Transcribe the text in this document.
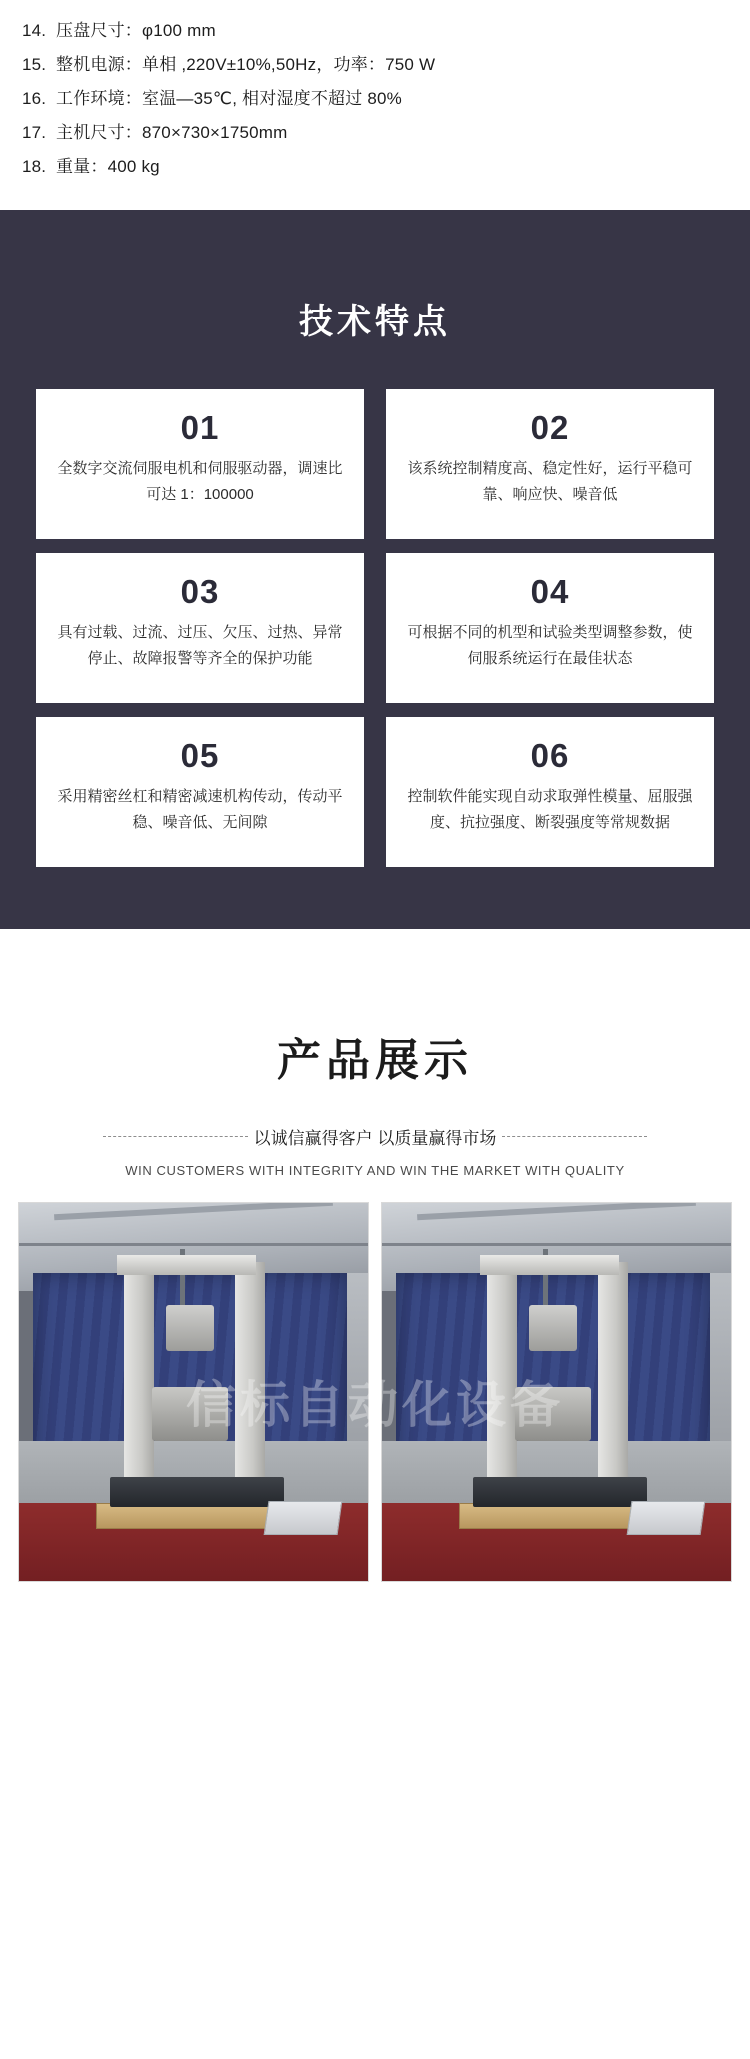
14. 压盘尺寸：φ100 mm
15. 整机电源：单相 ,220V±10%,50Hz，功率：750 W
16. 工作环境：室温—35℃, 相对湿度不超过 80%
17. 主机尺寸：870×730×1750mm
18. 重量：400 kg
技术特点
01
全数字交流伺服电机和伺服驱动器，调速比可达 1：100000
02
该系统控制精度高、稳定性好，运行平稳可靠、响应快、噪音低
03
具有过载、过流、过压、欠压、过热、异常停止、故障报警等齐全的保护功能
04
可根据不同的机型和试验类型调整参数，使伺服系统运行在最佳状态
05
采用精密丝杠和精密减速机构传动，传动平稳、噪音低、无间隙
06
控制软件能实现自动求取弹性模量、屈服强度、抗拉强度、断裂强度等常规数据
产品展示
以诚信赢得客户 以质量赢得市场
WIN CUSTOMERS WITH INTEGRITY AND WIN THE MARKET WITH QUALITY
信标自动化设备
